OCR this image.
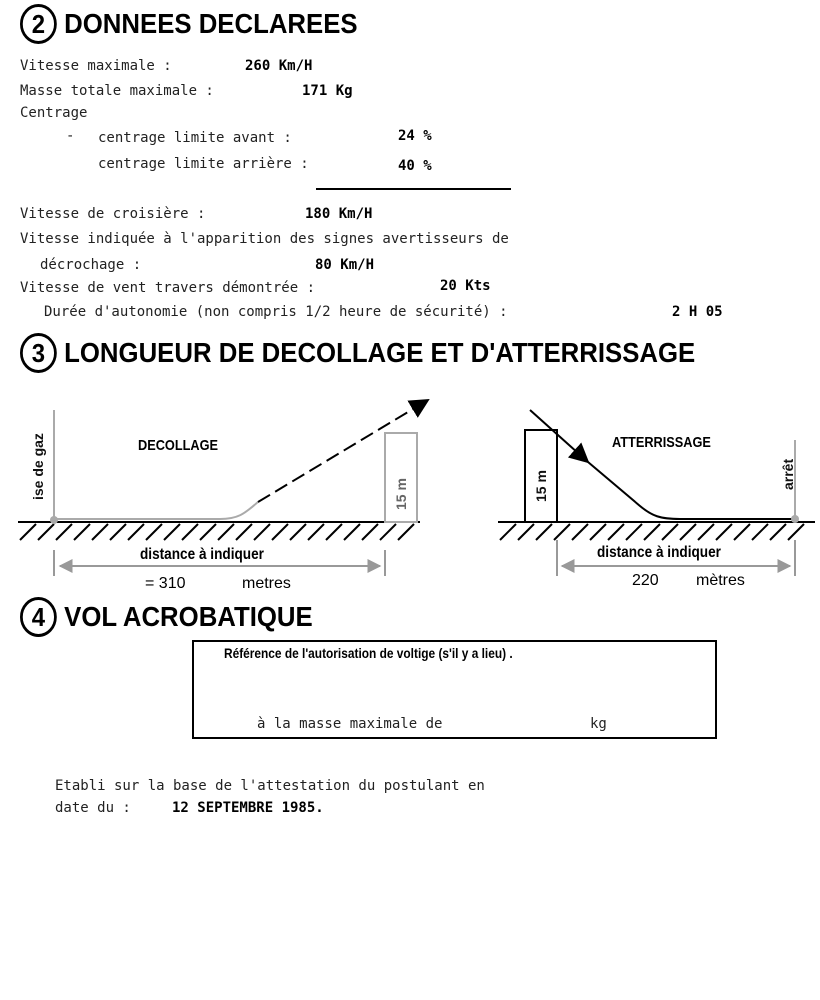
2 DONNEES DECLAREES
Vitesse maximale :	260 Km/H
Masse totale maximale :	171 Kg
Centrage
- centrage limite avant :	24 %
centrage limite arrière :	40 %
Vitesse de croisière :	180 Km/H
Vitesse indiquée à l'apparition des signes avertisseurs de
décrochage :	80 Km/H
Vitesse de vent travers démontrée :	20 Kts
Durée d'autonomie (non compris 1/2 heure de sécurité) :	2 H 05
3 LONGUEUR DE DECOLLAGE ET D'ATTERRISSAGE
ise de gaz	DECOLLAGE
15 m
distance à indiquer
= 310	metres
ATTERRISSAGE
15 m	arrêt
distance à indiquer
220 mètres
4 VOL ACROBATIQUE
Référence de l'autorisation de voltige (s'il y a lieu) .
à la masse maximale de	kg
Etabli sur la base de l'attestation du postulant en
date du :	12 SEPTEMBRE 1985.
